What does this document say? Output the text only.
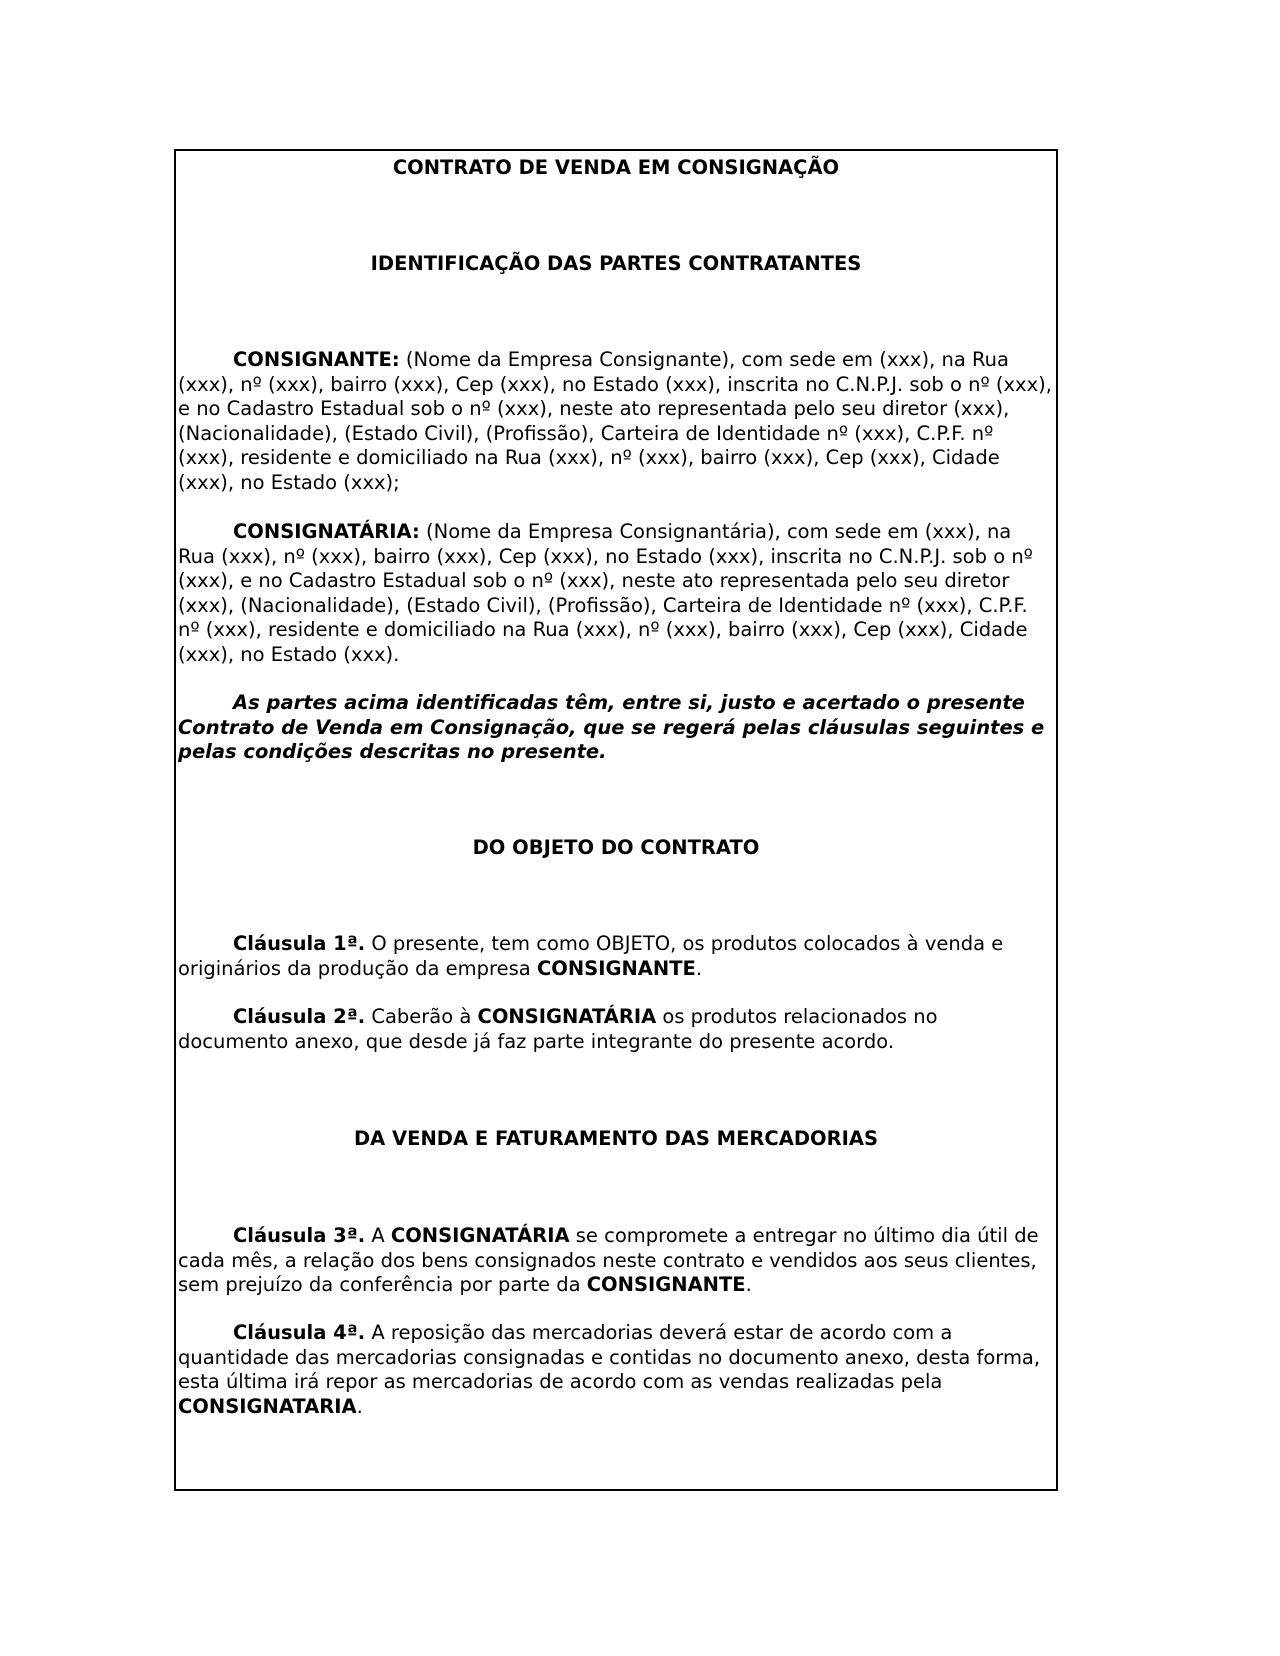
CONTRATO DE VENDA EM CONSIGNAÇÃO

IDENTIFICAÇÃO DAS PARTES CONTRATANTES

CONSIGNANTE: (Nome da Empresa Consignante), com sede em (xxx), na Rua (xxx), nº (xxx), bairro (xxx), Cep (xxx), no Estado (xxx), inscrita no C.N.P.J. sob o nº (xxx), e no Cadastro Estadual sob o nº (xxx), neste ato representada pelo seu diretor (xxx), (Nacionalidade), (Estado Civil), (Profissão), Carteira de Identidade nº (xxx), C.P.F. nº (xxx), residente e domiciliado na Rua (xxx), nº (xxx), bairro (xxx), Cep (xxx), Cidade (xxx), no Estado (xxx);

CONSIGNATÁRIA: (Nome da Empresa Consignantária), com sede em (xxx), na Rua (xxx), nº (xxx), bairro (xxx), Cep (xxx), no Estado (xxx), inscrita no C.N.P.J. sob o nº (xxx), e no Cadastro Estadual sob o nº (xxx), neste ato representada pelo seu diretor (xxx), (Nacionalidade), (Estado Civil), (Profissão), Carteira de Identidade nº (xxx), C.P.F. nº (xxx), residente e domiciliado na Rua (xxx), nº (xxx), bairro (xxx), Cep (xxx), Cidade (xxx), no Estado (xxx).

As partes acima identificadas têm, entre si, justo e acertado o presente Contrato de Venda em Consignação, que se regerá pelas cláusulas seguintes e pelas condições descritas no presente.

DO OBJETO DO CONTRATO

Cláusula 1ª. O presente, tem como OBJETO, os produtos colocados à venda e originários da produção da empresa CONSIGNANTE.

Cláusula 2ª. Caberão à CONSIGNATÁRIA os produtos relacionados no documento anexo, que desde já faz parte integrante do presente acordo.

DA VENDA E FATURAMENTO DAS MERCADORIAS

Cláusula 3ª. A CONSIGNATÁRIA se compromete a entregar no último dia útil de cada mês, a relação dos bens consignados neste contrato e vendidos aos seus clientes, sem prejuízo da conferência por parte da CONSIGNANTE.

Cláusula 4ª. A reposição das mercadorias deverá estar de acordo com a quantidade das mercadorias consignadas e contidas no documento anexo, desta forma, esta última irá repor as mercadorias de acordo com as vendas realizadas pela CONSIGNATARIA.
